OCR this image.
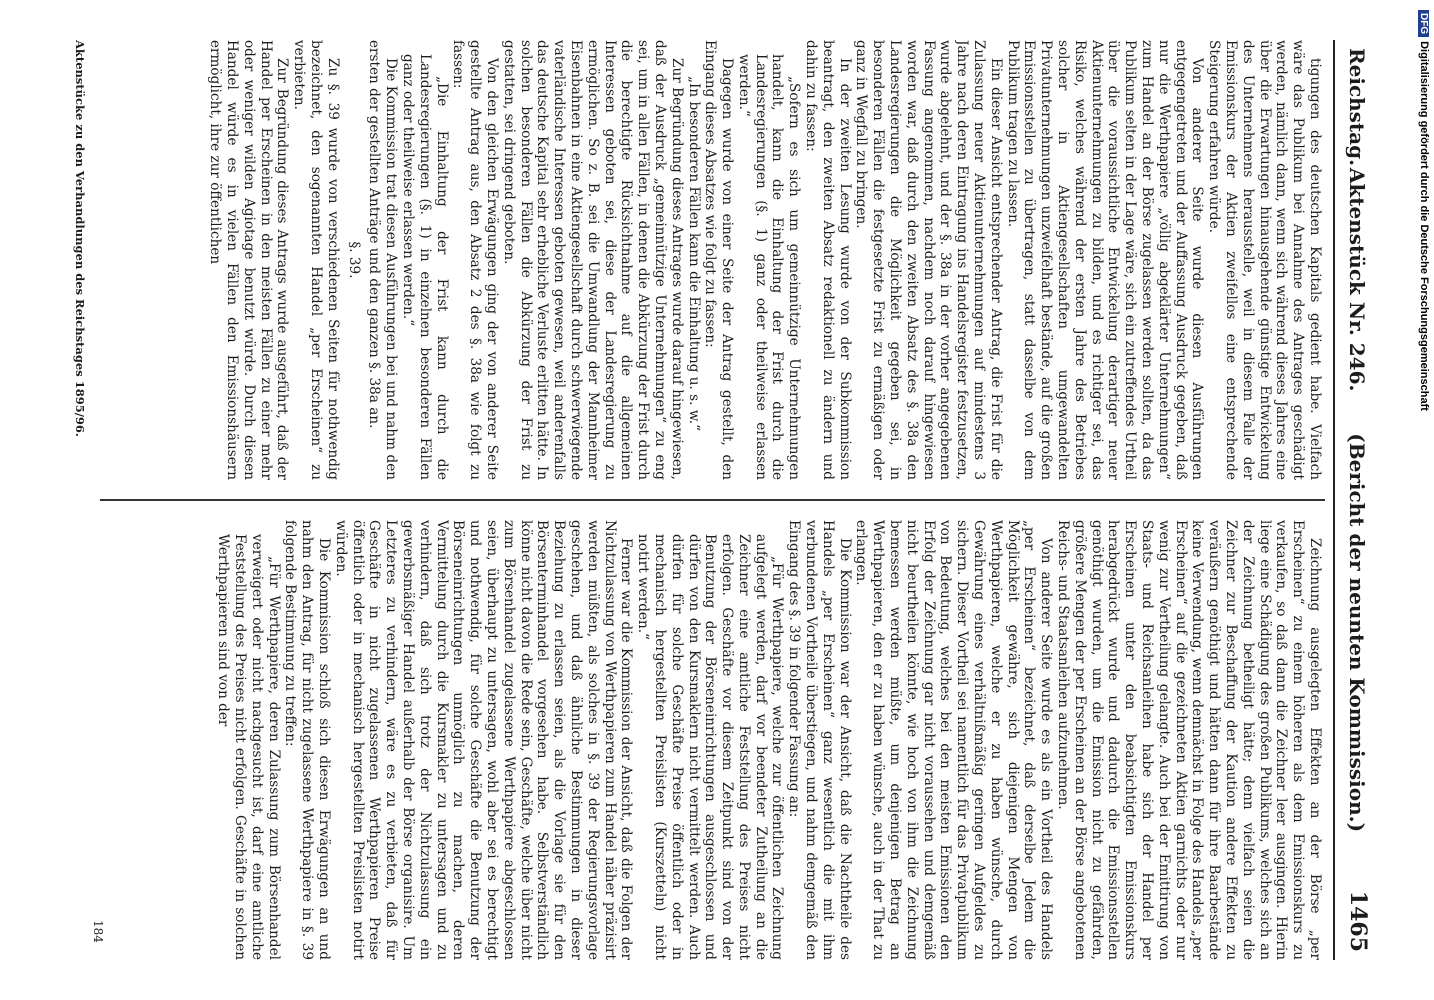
Reichstag.
Aktenstück Nr. 246.      (Bericht der neunten Kommission.)
1465

tigungen des deutschen Kapitals gedient habe. Vielfach wäre das Publikum bei Annahme des Antrages geschädigt werden, nämlich dann, wenn sich während dieses Jahres eine über die Erwartungen hinausgehende günstige Entwickelung des Unternehmens herausstelle, weil in diesem Falle der Emissionskurs der Aktien zweifellos eine entsprechende Steigerung erfahren würde.

Von anderer Seite wurde diesen Ausführungen entgegengetreten und der Auffassung Ausdruck gegeben, daß nur die Werthpapiere „völlig abgeklärter Unternehmungen“ zum Handel an der Börse zugelassen werden sollten, da das Publikum selten in der Lage wäre, sich ein zutreffendes Urtheil über die voraussichtliche Entwickelung derartiger neuer Aktienunternehmungen zu bilden, und es richtiger sei, das Risiko, welches während der ersten Jahre des Betriebes solcher in Aktiengesellschaften umgewandelten Privatunternehmungen unzweifelhaft bestände, auf die großen Emissionsstellen zu übertragen, statt dasselbe von dem Publikum tragen zu lassen.

Ein dieser Ansicht entsprechender Antrag, die Frist für die Zulassung neuer Aktienunternehmungen auf mindestens 3 Jahre nach deren Eintragung ins Handelsregister festzusetzen, wurde abgelehnt, und der §. 38a in der vorher angegebenen Fassung angenommen, nachdem noch darauf hingewiesen worden war, daß durch den zweiten Absatz des §. 38a den Landesregierungen die Möglichkeit gegeben sei, in besonderen Fällen die festgesetzte Frist zu ermäßigen oder ganz in Wegfall zu bringen.

In der zweiten Lesung wurde von der Subkommission beantragt, den zweiten Absatz redaktionell zu ändern und dahin zu fassen:

„Sofern es sich um gemeinnützige Unternehmungen handelt, kann die Einhaltung der Frist durch die Landesregierungen (§. 1) ganz oder theilweise erlassen werden.“

Dagegen wurde von einer Seite der Antrag gestellt, den Eingang dieses Absatzes wie folgt zu fassen:

„In besonderen Fällen kann die Einhaltung u. s. w.“

Zur Begründung dieses Antrages wurde darauf hingewiesen, daß der Ausdruck „gemeinnützige Unternehmungen“ zu eng sei, um in allen Fällen, in denen die Abkürzung der Frist durch die berechtigte Rücksichtnahme auf die allgemeinen Interessen geboten sei, diese der Landesregierung zu ermöglichen. So z. B. sei die Umwandlung der Mannheimer Eisenbahnen in eine Aktiengesellschaft durch schwerwiegende vaterländische Interessen geboten gewesen, weil anderenfalls das deutsche Kapital sehr erhebliche Verluste erlitten hätte. In solchen besonderen Fällen die Abkürzung der Frist zu gestatten, sei dringend geboten.

Von den gleichen Erwägungen ging der von anderer Seite gestellte Antrag aus, den Absatz 2 des §. 38a wie folgt zu fassen:

„Die Einhaltung der Frist kann durch die Landesregierungen (§. 1) in einzelnen besonderen Fällen ganz oder theilweise erlassen werden.“

Die Kommission trat diesen Ausführungen bei und nahm den ersten der gestellten Anträge und den ganzen §. 38a an.

§. 39.

Zu §. 39 wurde von verschiedenen Seiten für nothwendig bezeichnet, den sogenannten Handel „per Erscheinen“ zu verbieten.

Zur Begründung dieses Antrags wurde ausgeführt, daß der Handel per Erscheinen in den meisten Fällen zu einer mehr oder weniger wilden Agiotage benutzt würde. Durch diesen Handel würde es in vielen Fällen den Emissionshäusern ermöglicht, ihre zur öffentlichen

Zeichnung ausgelegten Effekten an der Börse „per Erscheinen“ zu einem höheren als dem Emissionskurs zu verkaufen, so daß dann die Zeichner leer ausgingen. Hierin liege eine Schädigung des großen Publikums, welches sich an der Zeichnung betheiligt hätte; denn vielfach seien die Zeichner zur Beschaffung der Kaution andere Effekten zu veräußern genöthigt und hätten dann für ihre Baarbestände keine Verwendung, wenn demnächst in Folge des Handels „per Erscheinen“ auf die gezeichneten Aktien garnichts oder nur wenig zur Vertheilung gelangte. Auch bei der Emittirung von Staats- und Reichsanleihen habe sich der Handel per Erscheinen unter den beabsichtigten Emissionskurs herabgedrückt wurde und dadurch die Emissionsstellen genöthigt wurden, um die Emission nicht zu gefährden, größere Mengen der per Erscheinen an der Börse angebotenen Reichs- und Staatsanleihen aufzunehmen.

Von anderer Seite wurde es als ein Vortheil des Handels „per Erscheinen“ bezeichnet, daß derselbe Jedem die Möglichkeit gewähre, sich diejenigen Mengen von Werthpapieren, welche er zu haben wünsche, durch Gewährung eines verhältnißmäßig geringen Aufgeldes zu sichern. Dieser Vortheil sei namentlich für das Privatpublikum von Bedeutung, welches bei den meisten Emissionen den Erfolg der Zeichnung gar nicht voraussehen und demgemäß nicht beurtheilen könnte, wie hoch von ihm die Zeichnung bemessen werden müßte, um denjenigen Betrag an Werthpapieren, den er zu haben wünsche, auch in der That zu erlangen.

Die Kommission war der Ansicht, daß die Nachtheile des Handels „per Erscheinen“ ganz wesentlich die mit ihm verbundenen Vortheile überstiegen, und nahm demgemäß den Eingang des §. 39 in folgender Fassung an:

„Für Werthpapiere, welche zur öffentlichen Zeichnung aufgelegt werden, darf vor beendeter Zutheilung an die Zeichner eine amtliche Feststellung des Preises nicht erfolgen. Geschäfte vor diesem Zeitpunkt sind von der Benutzung der Börseneinrichtungen ausgeschlossen und dürfen von den Kursmaklern nicht vermittelt werden. Auch dürfen für solche Geschäfte Preise öffentlich oder in mechanisch hergestellten Preislisten (Kurszetteln) nicht notirt werden.“

Ferner war die Kommission der Ansicht, daß die Folgen der Nichtzulassung von Werthpapieren zum Handel näher präzisirt werden müßten, als solches in §. 39 der Regierungsvorlage geschehen, und daß ähnliche Bestimmungen in dieser Beziehung zu erlassen seien, als die Vorlage sie für den Börsenterminhandel vorgesehen habe. Selbstverständlich könne nicht davon die Rede sein, Geschäfte, welche über nicht zum Börsenhandel zugelassene Werthpapiere abgeschlossen seien, überhaupt zu untersagen, wohl aber sei es berechtigt und nothwendig, für solche Geschäfte die Benutzung der Börseneinrichtungen unmöglich zu machen, deren Vermittelung durch die Kursmakler zu untersagen und zu verhindern, daß sich trotz der Nichtzulassung ein gewerbsmäßiger Handel außerhalb der Börse organisire. Um Letzteres zu verhindern, wäre es zu verbieten, daß für Geschäfte in nicht zugelassenen Werthpapieren Preise öffentlich oder in mechanisch hergestellten Preislisten notirt würden.

Die Kommission schloß sich diesen Erwägungen an und nahm den Antrag, für nicht zugelassene Werthpapiere in §. 39 folgende Bestimmung zu treffen:

„Für Werthpapiere, deren Zulassung zum Börsenhandel verweigert oder nicht nachgesucht ist, darf eine amtliche Feststellung des Preises nicht erfolgen. Geschäfte in solchen Werthpapieren sind von der

Aktenstücke zu den Verhandlungen des Reichstages 1895/96.
184
DFGDigitalisierung gefördert durch die Deutsche Forschungsgemeinschaft
